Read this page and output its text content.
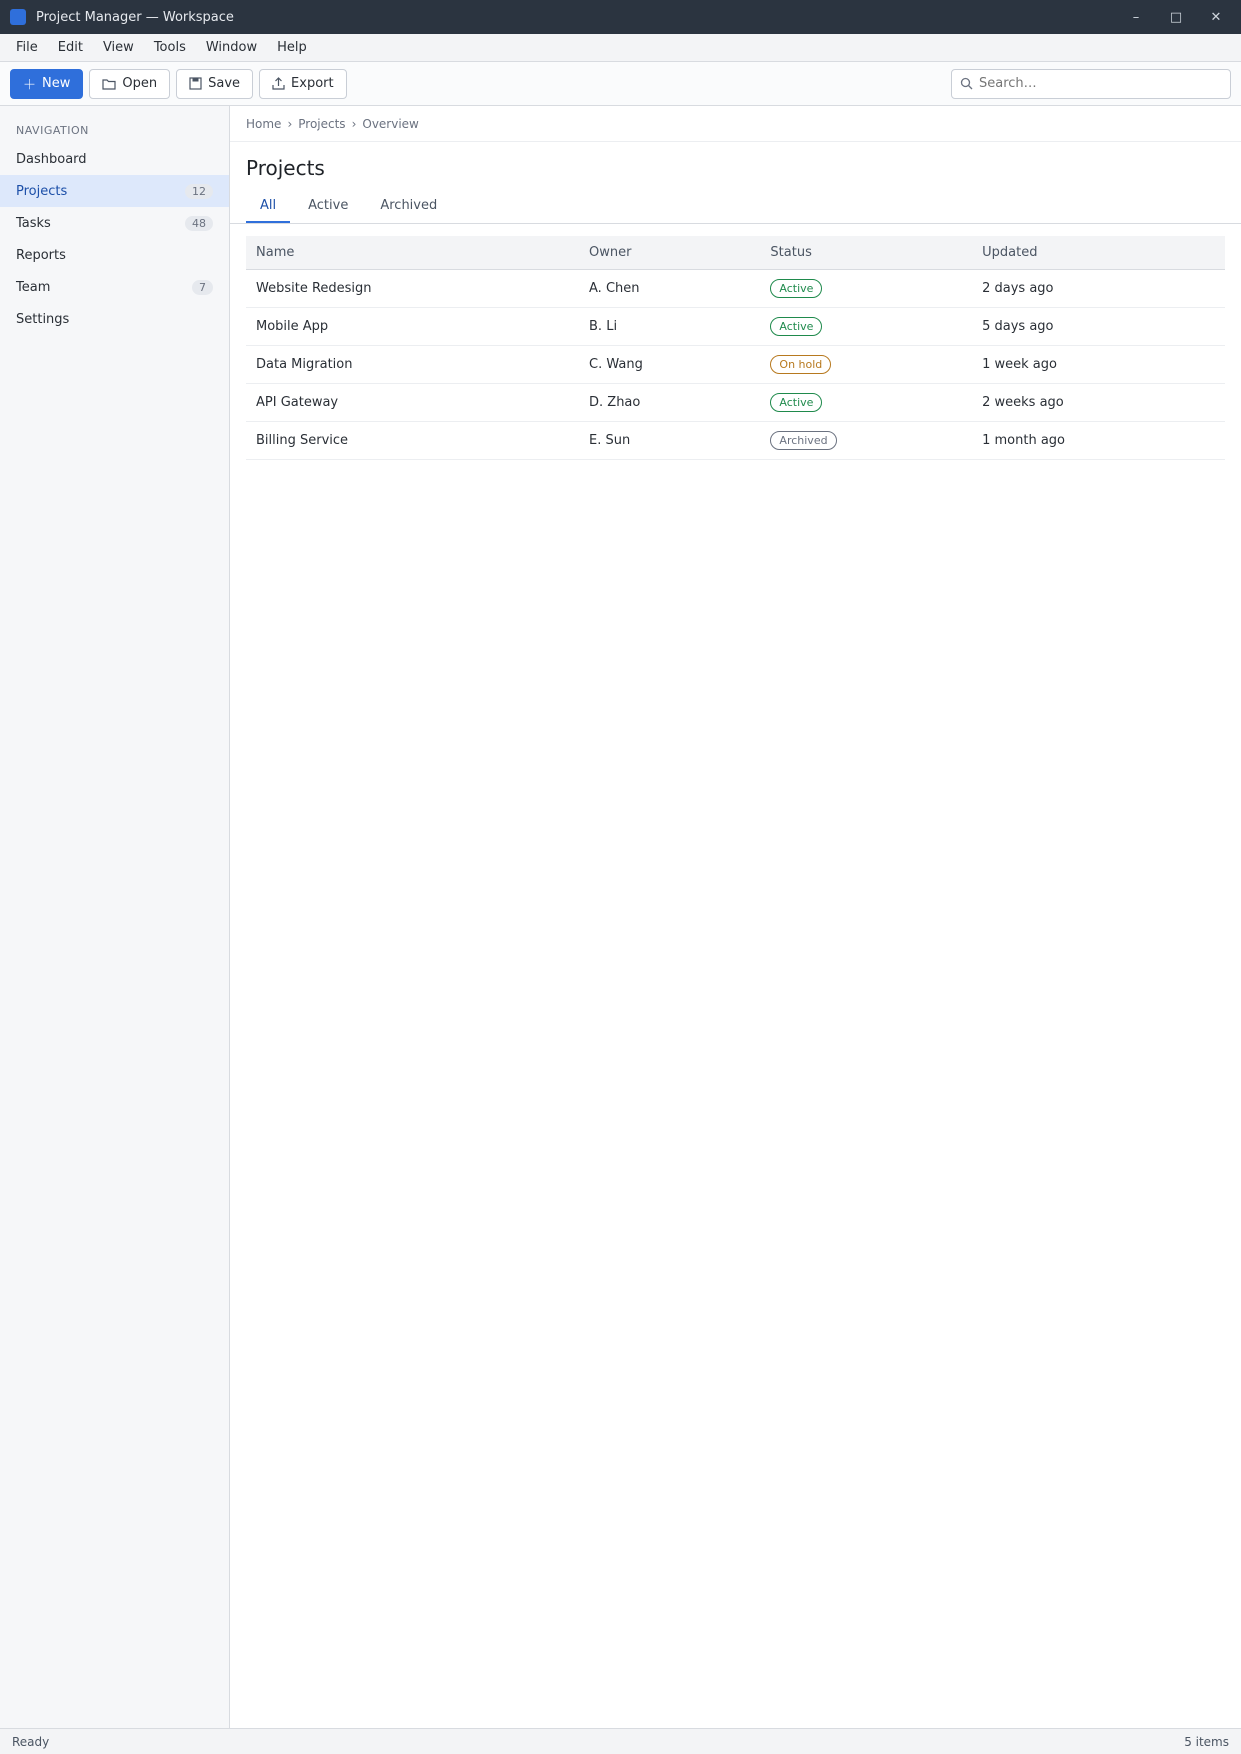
Project Manager — Workspace	–	□	✕
File	Edit	View	Tools	Window	Help
＋ New	Open	Save	Export
Search…
NAVIGATION
Dashboard
Projects	12
Tasks	48
Reports
Team	7
Settings
Home › Projects › Overview
Projects
All	Active	Archived
Name	Owner	Status	Updated
Website Redesign	A. Chen	Active	2 days ago
Mobile App	B. Li	Active	5 days ago
Data Migration	C. Wang	On hold	1 week ago
API Gateway	D. Zhao	Active	2 weeks ago
Billing Service	E. Sun	Archived	1 month ago
Ready	5 items
